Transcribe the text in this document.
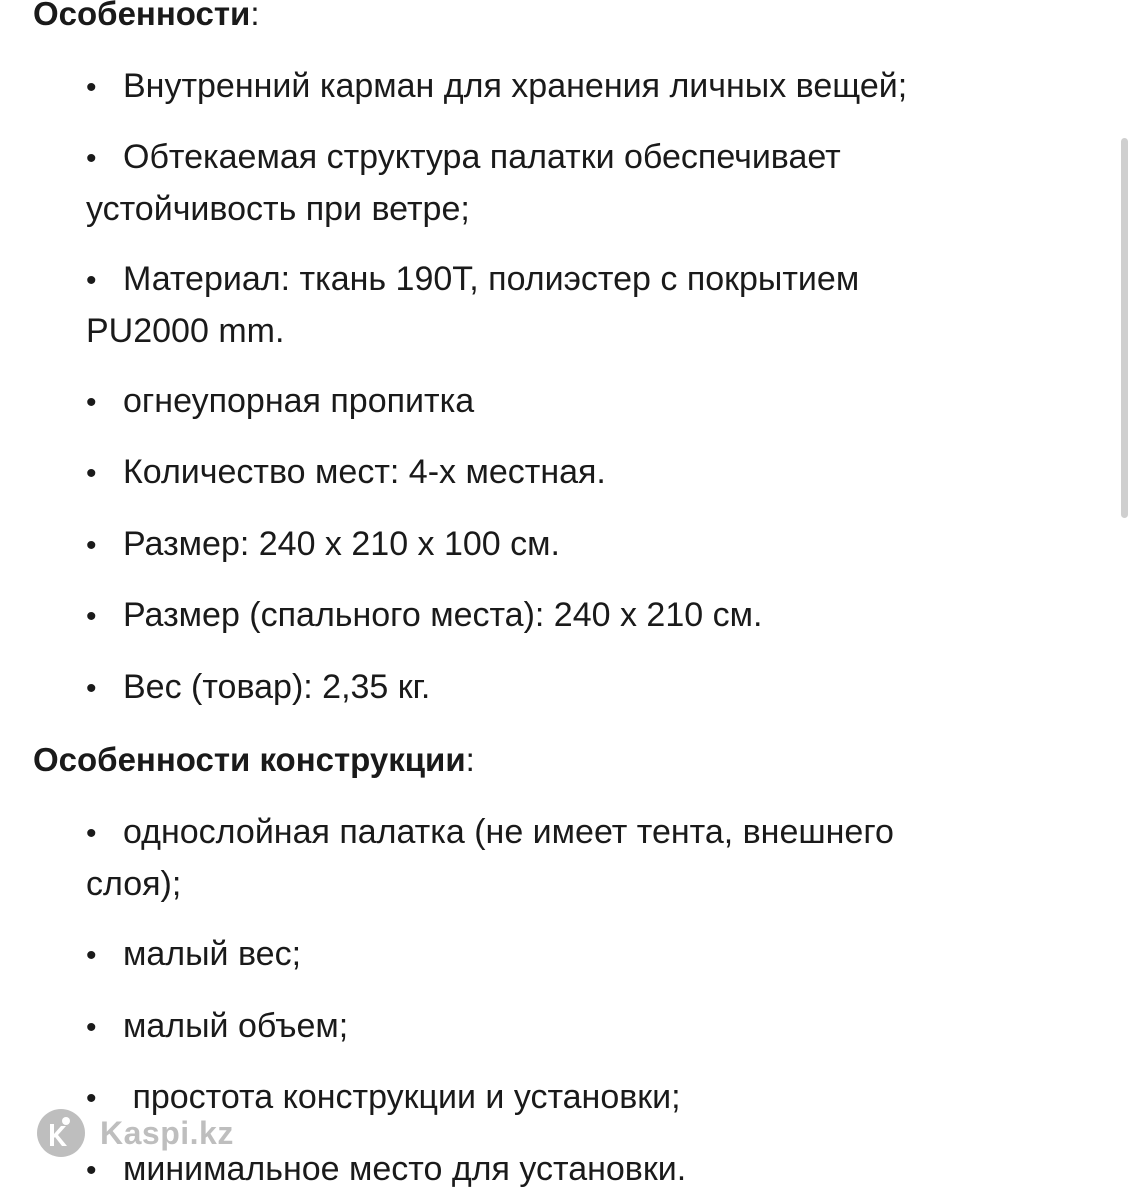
Особенности:
• Внутренний карман для хранения личных вещей;
• Обтекаемая структура палатки обеспечивает устойчивость при ветре;
• Материал: ткань 190Т, полиэстер с покрытием PU2000 mm.
• огнеупорная пропитка
• Количество мест: 4-х местная.
• Размер: 240 х 210 х 100 см.
• Размер (спального места): 240 х 210 см.
• Вес (товар): 2,35 кг.
Особенности конструкции:
• однослойная палатка (не имеет тента, внешнего слоя);
• малый вес;
• малый объем;
• простота конструкции и установки;
• минимальное место для установки.
Kaspi.kz
